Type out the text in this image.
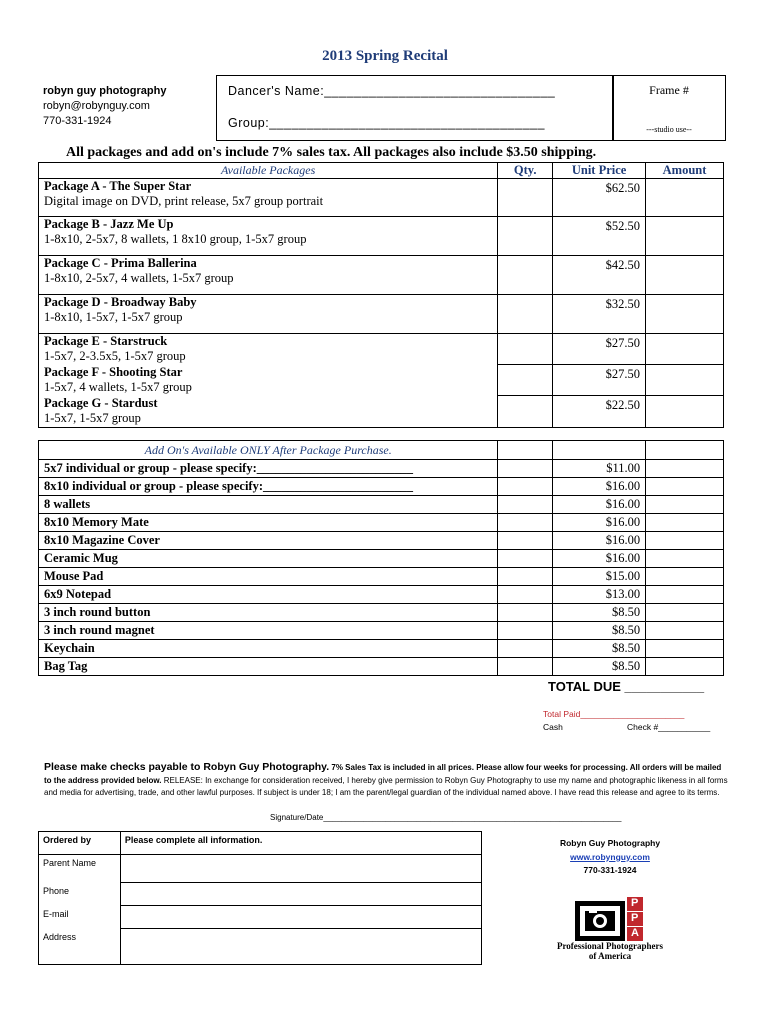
2013 Spring Recital
robyn guy photography
robyn@robynguy.com
770-331-1924
Dancer's Name:_______________________________
Group:_____________________________________
Frame #
---studio use--
All packages and add on's include 7% sales tax. All packages also include $3.50 shipping.
Available Packages	Qty.	Unit Price	Amount
Package A - The Super Star
Digital image on DVD, print release, 5x7 group portrait		$62.50	
Package B - Jazz Me Up
1-8x10, 2-5x7, 8 wallets, 1 8x10 group, 1-5x7 group		$52.50	
Package C - Prima Ballerina
1-8x10, 2-5x7, 4 wallets, 1-5x7 group		$42.50	
Package D - Broadway Baby
1-8x10, 1-5x7, 1-5x7 group		$32.50	
Package E - Starstruck
1-5x7, 2-3.5x5, 1-5x7 group		$27.50	
Package F - Shooting Star
1-5x7, 4 wallets, 1-5x7 group		$27.50	
Package G - Stardust
1-5x7, 1-5x7 group		$22.50	
Add On's Available ONLY After Package Purchase.			
5x7 individual or group - please specify:_________________________		$11.00	
8x10 individual or group - please specify:________________________		$16.00	
8 wallets		$16.00	
8x10 Memory Mate		$16.00	
8x10 Magazine Cover		$16.00	
Ceramic Mug		$16.00	
Mouse Pad		$15.00	
6x9 Notepad		$13.00	
3 inch round button		$8.50	
3 inch round magnet		$8.50	
Keychain		$8.50	
Bag Tag		$8.50	
TOTAL DUE ___________
Total Paid______________________
Cash	Check #___________
Please make checks payable to Robyn Guy Photography. 7% Sales Tax is included in all prices. Please allow four weeks for processing. All orders will be mailed to the address provided below. RELEASE: In exchange for consideration received, I hereby give permission to Robyn Guy Photography to use my name and photographic likeness in all forms and media for advertising, trade, and other lawful purposes. If subject is under 18; I am the parent/legal guardian of the individual named above. I have read this release and agree to its terms.
Signature/Date___________________________________________________________________
Ordered by	Please complete all information.
Parent Name	
Phone	
E-mail	
Address	
Robyn Guy Photography
www.robynguy.com
770-331-1924
P
P
A
Professional Photographers
of America
